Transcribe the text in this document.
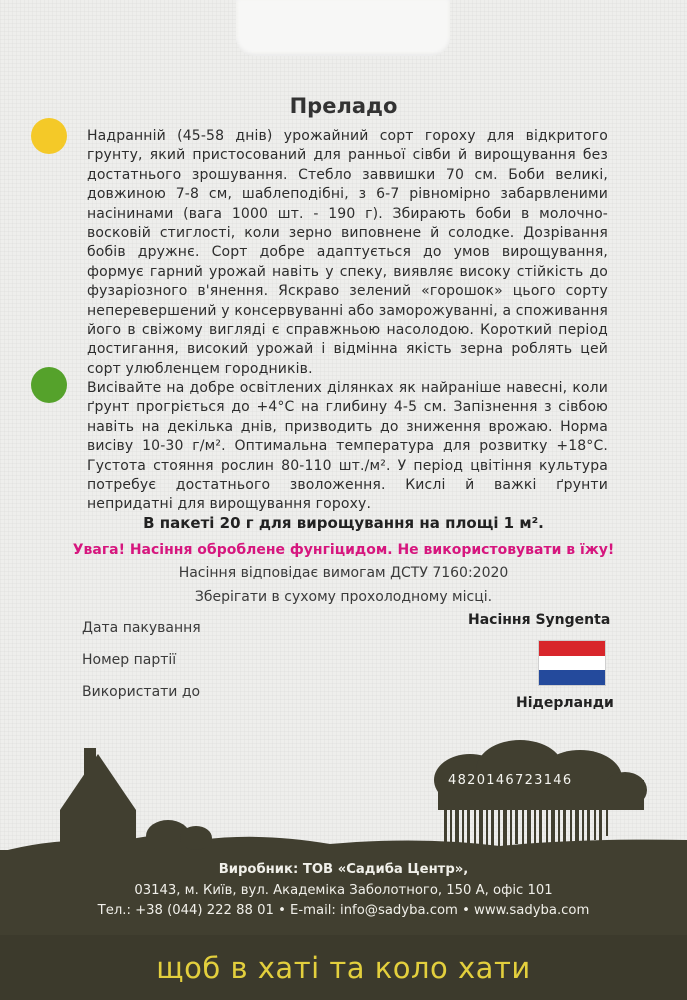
Преладо

Надранній (45-58 днів) урожайний сорт гороху для відкритого грунту, який пристосований для ранньої сівби й вирощування без достатнього зрошування. Стебло заввишки 70 см. Боби великі, довжиною 7-8 см, шаблеподібні, з 6-7 рівномірно забарвленими насінинами (вага 1000 шт. - 190 г). Збирають боби в молочно-восковій стиглості, коли зерно виповнене й солодке. Дозрівання бобів дружнє. Сорт добре адаптується до умов вирощування, формує гарний урожай навіть у спеку, виявляє високу стійкість до фузаріозного в'янення. Яскраво зелений «горошок» цього сорту неперевершений у консервуванні або заморожуванні, а споживання його в свіжому вигляді є справжньою насолодою. Короткий період достигання, високий урожай і відмінна якість зерна роблять цей сорт улюбленцем городників.

Висівайте на добре освітлених ділянках як найраніше навесні, коли ґрунт прогріється до +4°С на глибину 4-5 см. Запізнення з сівбою навіть на декілька днів, призводить до зниження врожаю. Норма висіву 10-30 г/м². Оптимальна температура для розвитку +18°С. Густота стояння рослин 80-110 шт./м². У період цвітіння культура потребує достатнього зволоження. Кислі й важкі ґрунти непридатні для вирощування гороху.

В пакеті 20 г для вирощування на площі 1 м².
Увага! Насіння оброблене фунгіцидом. Не використовувати в їжу!
Насіння відповідає вимогам ДСТУ 7160:2020
Зберігати в сухому прохолодному місці.
Дата пакування
Номер партії
Використати до
Насіння Syngenta
Нідерланди
4820146723146
Виробник: ТОВ «Садиба Центр»,
03143, м. Київ, вул. Академіка Заболотного, 150 А, офіс 101
Тел.: +38 (044) 222 88 01 • E-mail: info@sadyba.com • www.sadyba.com
щоб в хаті та коло хати
